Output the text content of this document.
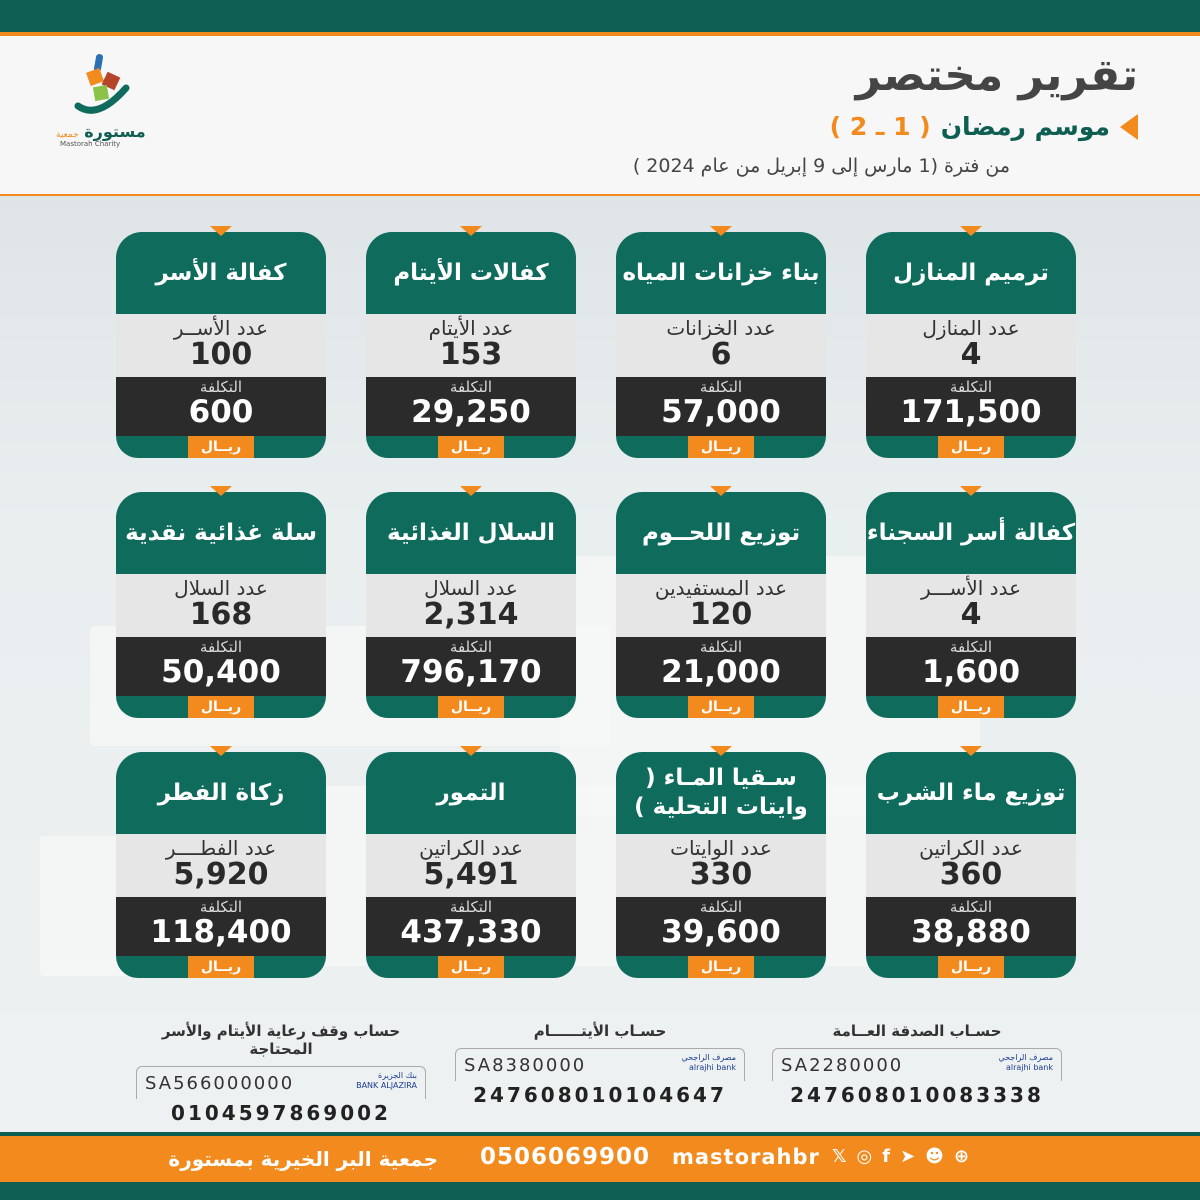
مستورة جمعية
Mastorah Charity
تقرير مختصر
موسم رمضان
( 1 ـ 2 )
من فترة (1 مارس إلى 9 إبريل من عام 2024 )
ترميم المنازل
عدد المنازل
4
التكلفة
171,500
ريــال
بناء خزانات المياه
عدد الخزانات
6
التكلفة
57,000
ريــال
كفالات الأيتام
عدد الأيتام
153
التكلفة
29,250
ريــال
كفالة الأسر
عدد الأســر
100
التكلفة
600
ريــال
كفالة أسر السجناء
عدد الأســـر
4
التكلفة
1,600
ريــال
توزيع اللحــوم
عدد المستفيدين
120
التكلفة
21,000
ريــال
السلال الغذائية
عدد السلال
2,314
التكلفة
796,170
ريــال
سلة غذائية نقدية
عدد السلال
168
التكلفة
50,400
ريــال
توزيع ماء الشرب
عدد الكراتين
360
التكلفة
38,880
ريــال
سـقيا المـاء ( وايتات التحلية )
عدد الوايتات
330
التكلفة
39,600
ريــال
التمور
عدد الكراتين
5,491
التكلفة
437,330
ريــال
زكاة الفطر
عدد الفطــــر
5,920
التكلفة
118,400
ريــال
حسـاب الصدقة العــامة
SA2280000	مصرف الراجحي
alrajhi bank
247608010083338
حسـاب الأيتــــــام
SA8380000	مصرف الراجحي
alrajhi bank
247608010104647
حساب وقف رعاية الأيتام والأسر المحتاجة
SA566000000	بنك الجزيرة
BANK ALJAZIRA
0104597869002
جمعية البر الخيرية بمستورة 0506069900 mastorahbr 𝕏 ◎ f ➤ ☻ ⊕
